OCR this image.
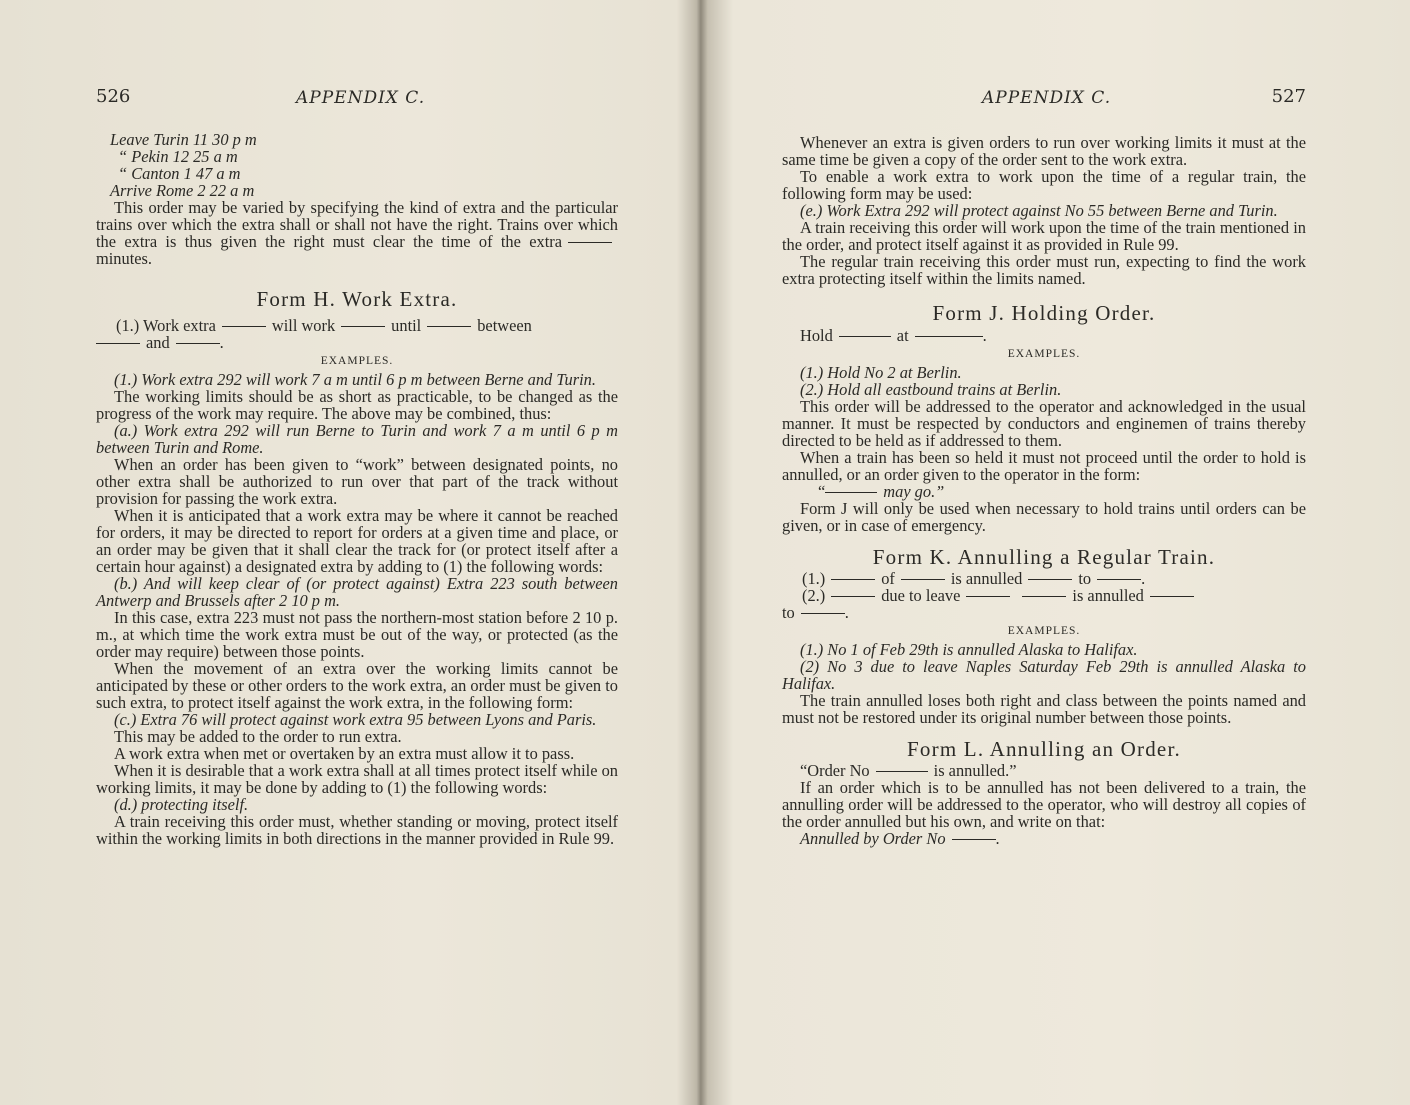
526	APPENDIX C.

Leave Turin 11 30 p m

“ Pekin 12 25 a m

“ Canton 1 47 a m

Arrive Rome 2 22 a m

This order may be varied by specifying the kind of extra and the particular trains over which the extra shall or shall not have the right. Trains over which the extra is thus given the right must clear the time of the extraminutes.

Form H. Work Extra.

(1.) Work extra	will work	until	between

and	.

EXAMPLES.

(1.) Work extra 292 will work 7 a m until 6 p m between Berne and Turin.

The working limits should be as short as practicable, to be changed as the progress of the work may require. The above may be combined, thus:

(a.) Work extra 292 will run Berne to Turin and work 7 a m until 6 p m between Turin and Rome.

When an order has been given to “work” between designated points, no other extra shall be authorized to run over that part of the track without provision for passing the work extra.

When it is anticipated that a work extra may be where it cannot be reached for orders, it may be directed to report for orders at a given time and place, or an order may be given that it shall clear the track for (or protect itself after a certain hour against) a designated extra by adding to (1) the following words:

(b.) And will keep clear of (or protect against) Extra 223 south between Antwerp and Brussels after 2 10 p m.

In this case, extra 223 must not pass the northern-most station before 2 10 p. m., at which time the work extra must be out of the way, or protected (as the order may require) between those points.

When the movement of an extra over the working limits cannot be anticipated by these or other orders to the work extra, an order must be given to such extra, to protect itself against the work extra, in the following form:

(c.) Extra 76 will protect against work extra 95 between Lyons and Paris.

This may be added to the order to run extra.

A work extra when met or overtaken by an extra must allow it to pass.

When it is desirable that a work extra shall at all times protect itself while on working limits, it may be done by adding to (1) the following words:

(d.) protecting itself.

A train receiving this order must, whether standing or moving, protect itself within the working limits in both directions in the manner provided in Rule 99.

APPENDIX C.	527

Whenever an extra is given orders to run over working limits it must at the same time be given a copy of the order sent to the work extra.

To enable a work extra to work upon the time of a regular train, the following form may be used:

(e.) Work Extra 292 will protect against No 55 between Berne and Turin.

A train receiving this order will work upon the time of the train mentioned in the order, and protect itself against it as provided in Rule 99.

The regular train receiving this order must run, expecting to find the work extra protecting itself within the limits named.

Form J. Holding Order.

Hold	at	.

EXAMPLES.

(1.) Hold No 2 at Berlin.

(2.) Hold all eastbound trains at Berlin.

This order will be addressed to the operator and acknowledged in the usual manner. It must be respected by conductors and enginemen of trains thereby directed to be held as if addressed to them.

When a train has been so held it must not proceed until the order to hold is annulled, or an order given to the operator in the form:

“	may go.”

Form J will only be used when necessary to hold trains until orders can be given, or in case of emergency.

Form K. Annulling a Regular Train.

(1.)	of	is annulled	to	.

(2.)	due to leave	is annulled

to	.

EXAMPLES.

(1.) No 1 of Feb 29th is annulled Alaska to Halifax.

(2) No 3 due to leave Naples Saturday Feb 29th is annulled Alaska to Halifax.

The train annulled loses both right and class between the points named and must not be restored under its original number between those points.

Form L. Annulling an Order.

“Order No	is annulled.”

If an order which is to be annulled has not been delivered to a train, the annulling order will be addressed to the operator, who will destroy all copies of the order annulled but his own, and write on that:

Annulled by Order No	.
